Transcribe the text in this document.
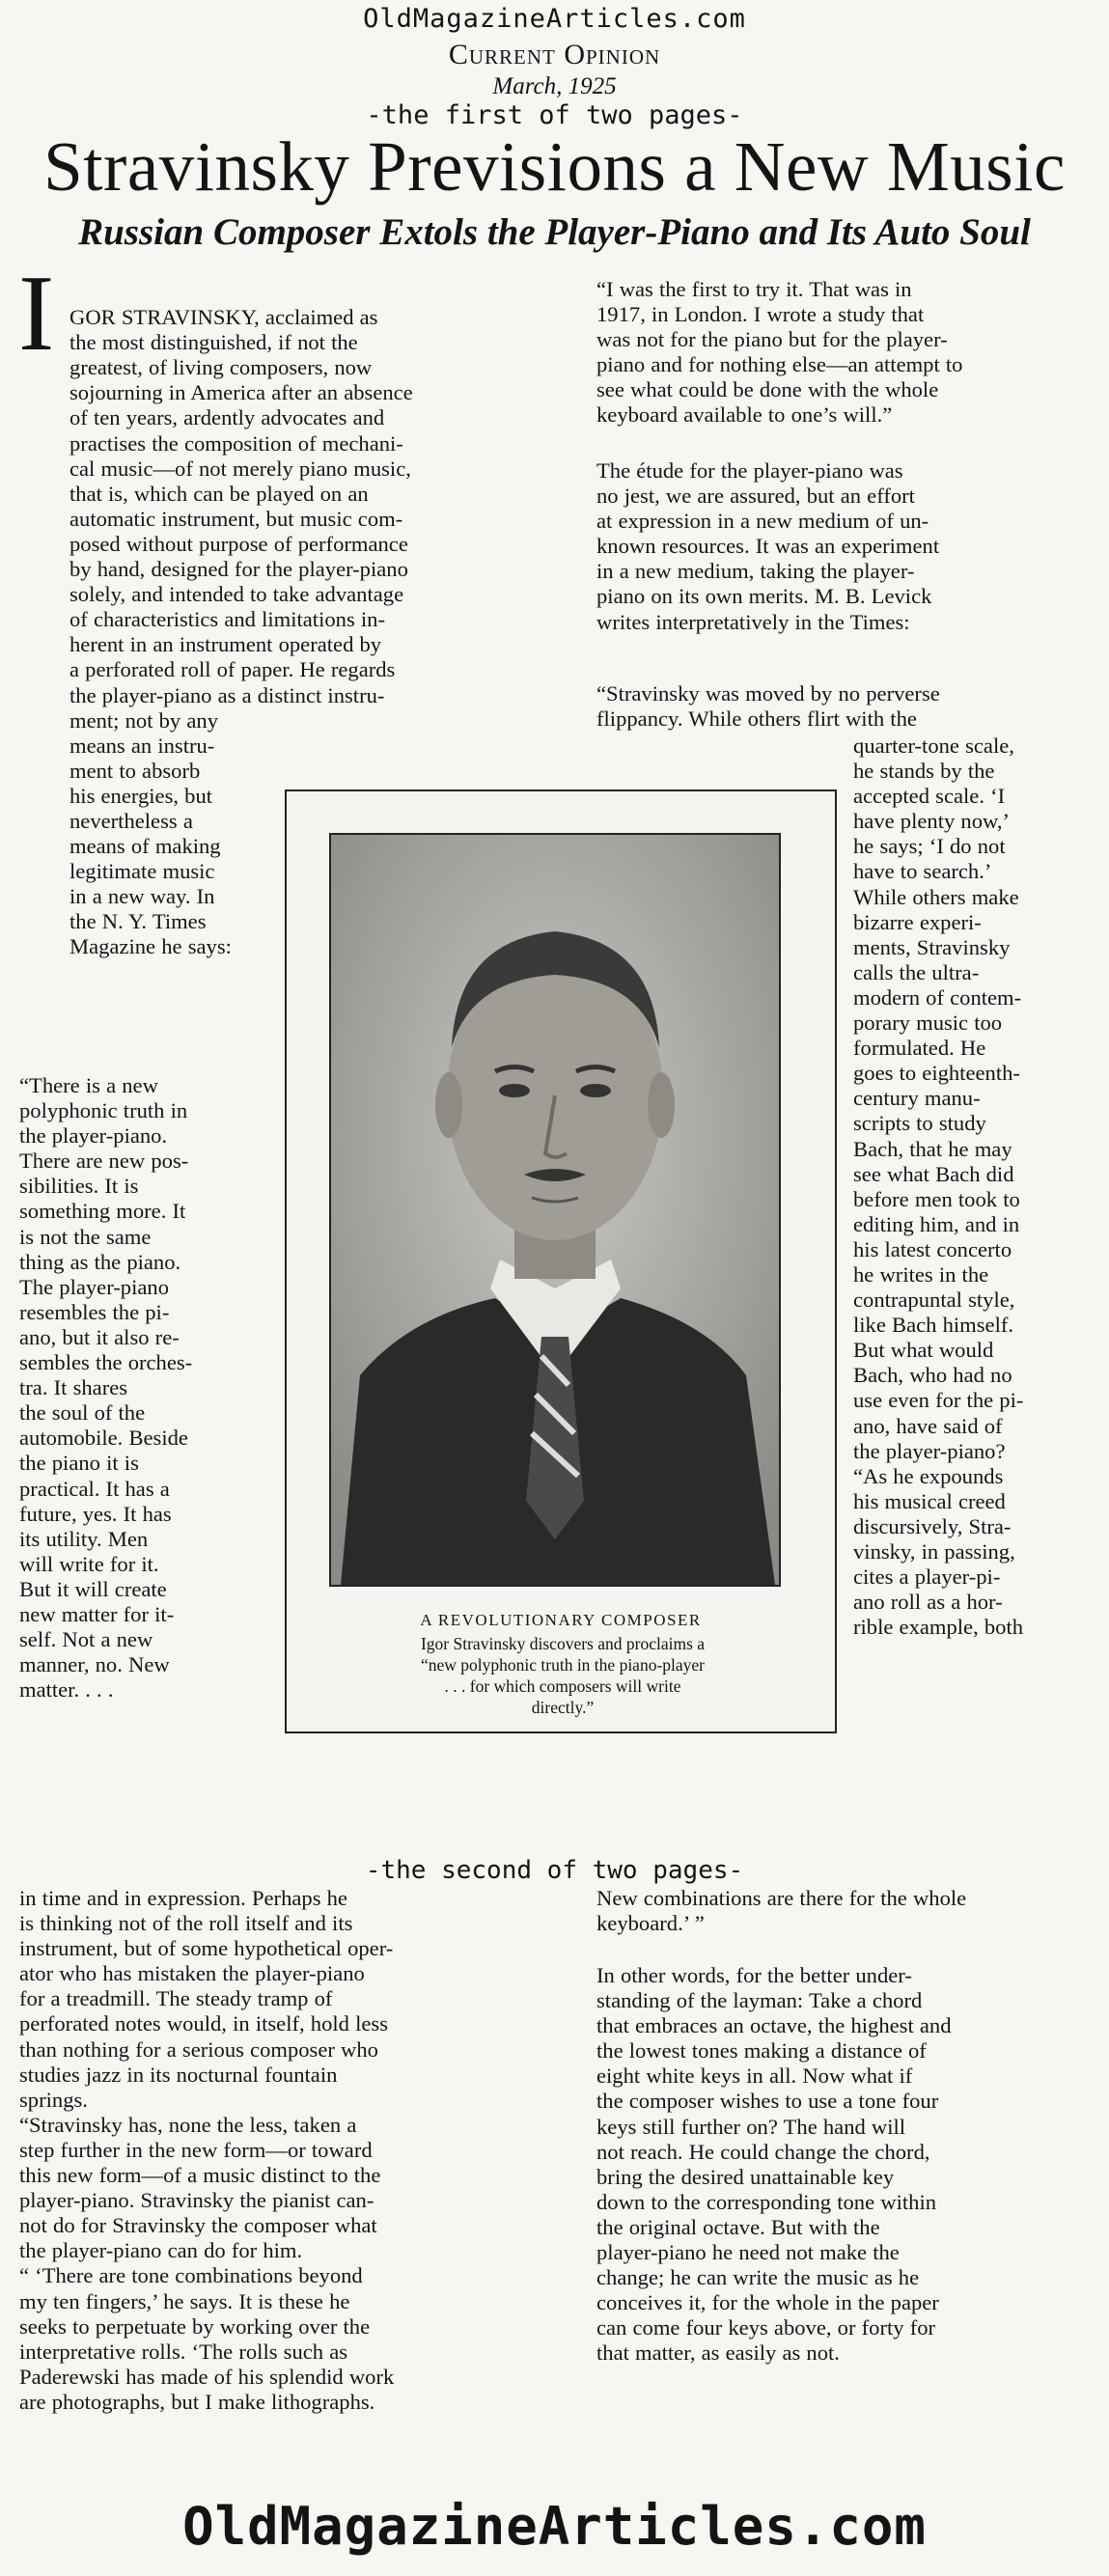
OldMagazineArticles.com
Current Opinion
March, 1925
-the first of two pages-
Stravinsky Previsions a New Music
Russian Composer Extols the Player-Piano and Its Auto Soul
I GOR STRAVINSKY, acclaimed as
the most distinguished, if not the
greatest, of living composers, now
sojourning in America after an absence
of ten years, ardently advocates and
practises the composition of mechani-
cal music—of not merely piano music,
that is, which can be played on an
automatic instrument, but music com-
posed without purpose of performance
by hand, designed for the player-piano
solely, and intended to take advantage
of characteristics and limitations in-
herent in an instrument operated by
a perforated roll of paper. He regards
the player-piano as a distinct instru-
ment; not by any
means an instru-
ment to absorb
his energies, but
nevertheless a
means of making
legitimate music
in a new way. In
the N. Y. Times
Magazine he says:

“There is a new
polyphonic truth in
the player-piano.
There are new pos-
sibilities. It is
something more. It
is not the same
thing as the piano.
The player-piano
resembles the pi-
ano, but it also re-
sembles the orches-
tra. It shares
the soul of the
automobile. Beside
the piano it is
practical. It has a
future, yes. It has
its utility. Men
will write for it.
But it will create
new matter for it-
self. Not a new
manner, no. New
matter. . . .
“I was the first to try it. That was in
1917, in London. I wrote a study that
was not for the piano but for the player-
piano and for nothing else—an attempt to
see what could be done with the whole
keyboard available to one’s will.”
The étude for the player-piano was
no jest, we are assured, but an effort
at expression in a new medium of un-
known resources. It was an experiment
in a new medium, taking the player-
piano on its own merits. M. B. Levick
writes interpretatively in the Times:
“Stravinsky was moved by no perverse
flippancy. While others flirt with the
quarter-tone scale,
he stands by the
accepted scale. ‘I
have plenty now,’
he says; ‘I do not
have to search.’
While others make
bizarre experi-
ments, Stravinsky
calls the ultra-
modern of contem-
porary music too
formulated. He
goes to eighteenth-
century manu-
scripts to study
Bach, that he may
see what Bach did
before men took to
editing him, and in
his latest concerto
he writes in the
contrapuntal style,
like Bach himself.
But what would
Bach, who had no
use even for the pi-
ano, have said of
the player-piano?
“As he expounds
his musical creed
discursively, Stra-
vinsky, in passing,
cites a player-pi-
ano roll as a hor-
rible example, both
A REVOLUTIONARY COMPOSER
Igor Stravinsky discovers and proclaims a
“new polyphonic truth in the piano-player
. . . for which composers will write
directly.”
-the second of two pages-
in time and in expression. Perhaps he
is thinking not of the roll itself and its
instrument, but of some hypothetical oper-
ator who has mistaken the player-piano
for a treadmill. The steady tramp of
perforated notes would, in itself, hold less
than nothing for a serious composer who
studies jazz in its nocturnal fountain
springs.
“Stravinsky has, none the less, taken a
step further in the new form—or toward
this new form—of a music distinct to the
player-piano. Stravinsky the pianist can-
not do for Stravinsky the composer what
the player-piano can do for him.
“ ‘There are tone combinations beyond
my ten fingers,’ he says. It is these he
seeks to perpetuate by working over the
interpretative rolls. ‘The rolls such as
Paderewski has made of his splendid work
are photographs, but I make lithographs.
New combinations are there for the whole
keyboard.’ ”
In other words, for the better under-
standing of the layman: Take a chord
that embraces an octave, the highest and
the lowest tones making a distance of
eight white keys in all. Now what if
the composer wishes to use a tone four
keys still further on? The hand will
not reach. He could change the chord,
bring the desired unattainable key
down to the corresponding tone within
the original octave. But with the
player-piano he need not make the
change; he can write the music as he
conceives it, for the whole in the paper
can come four keys above, or forty for
that matter, as easily as not.
OldMagazineArticles.com
